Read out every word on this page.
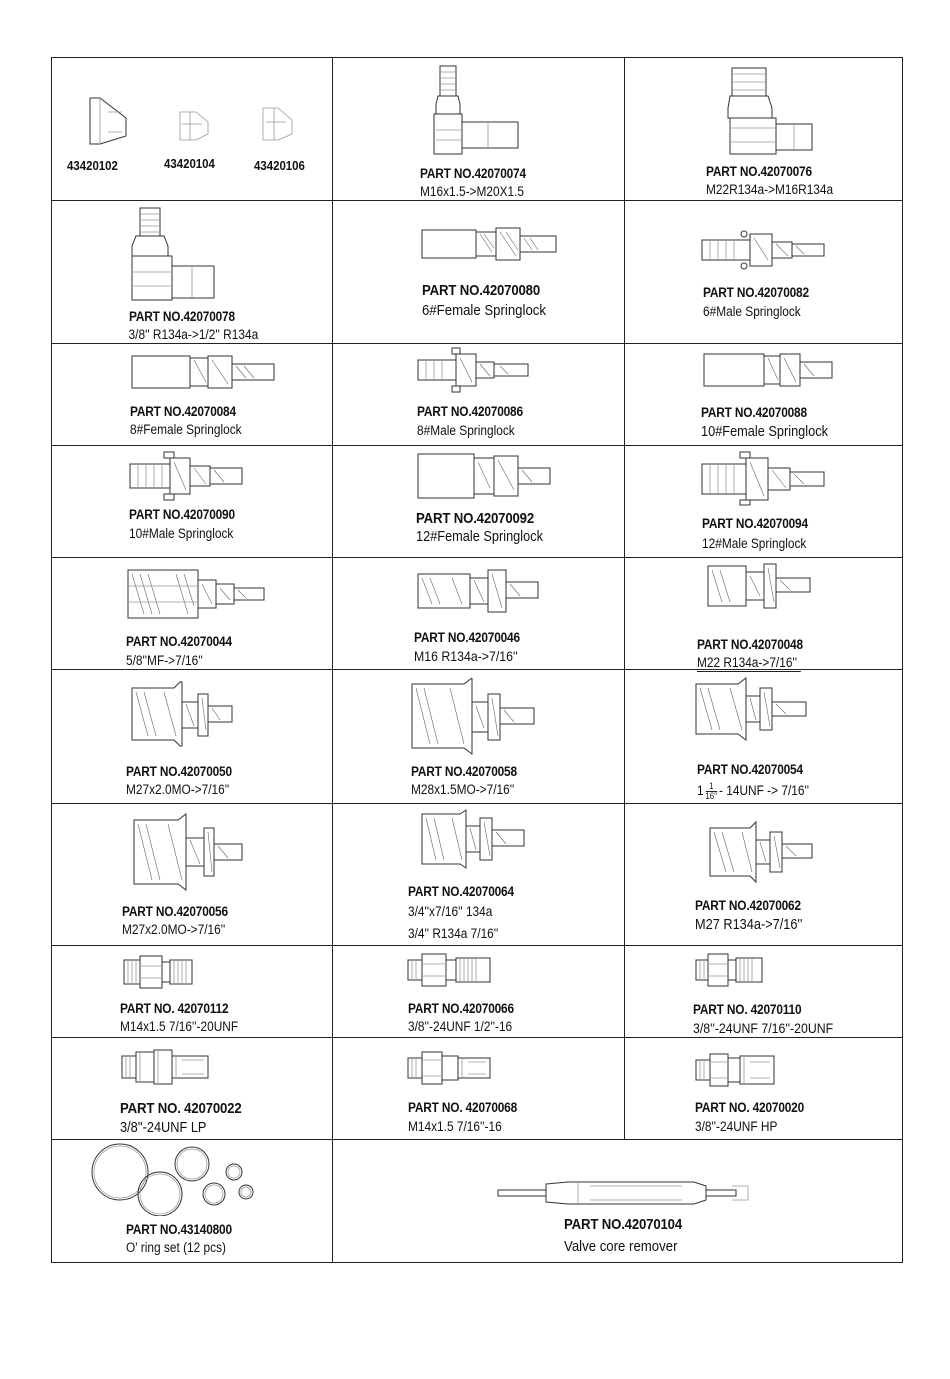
43420102	43420104	43420106
PART NO.42070074
M16x1.5->M20X1.5
PART NO.42070076
M22R134a->M16R134a
PART NO.42070078
3/8'' R134a->1/2'' R134a
PART NO.42070080
6#Female Springlock
PART NO.42070082
6#Male Springlock
PART NO.42070084
8#Female Springlock
PART NO.42070086
8#Male Springlock
PART NO.42070088
10#Female Springlock
PART NO.42070090
10#Male Springlock
PART NO.42070092
12#Female Springlock
PART NO.42070094
12#Male Springlock
PART NO.42070044
5/8''MF->7/16''
PART NO.42070046
M16 R134a->7/16''
PART NO.42070048
M22 R134a->7/16''
PART NO.42070050
M27x2.0MO->7/16''
PART NO.42070058
M28x1.5MO->7/16''
PART NO.42070054
$1 \frac{1}{16''} - 14UNF -> 7/16''$
PART NO.42070056
M27x2.0MO->7/16''
PART NO.42070064
3/4''x7/16'' 134a
3/4'' R134a 7/16''
PART NO.42070062
M27 R134a->7/16''
PART NO. 42070112
M14x1.5 7/16''-20UNF
PART NO.42070066
3/8''-24UNF 1/2''-16
PART NO. 42070110
3/8''-24UNF 7/16''-20UNF
PART NO. 42070022
3/8''-24UNF LP
PART NO. 42070068
M14x1.5 7/16''-16
PART NO. 42070020
3/8''-24UNF HP
PART NO.43140800
O' ring set (12 pcs)
PART NO.42070104
Valve core remover
